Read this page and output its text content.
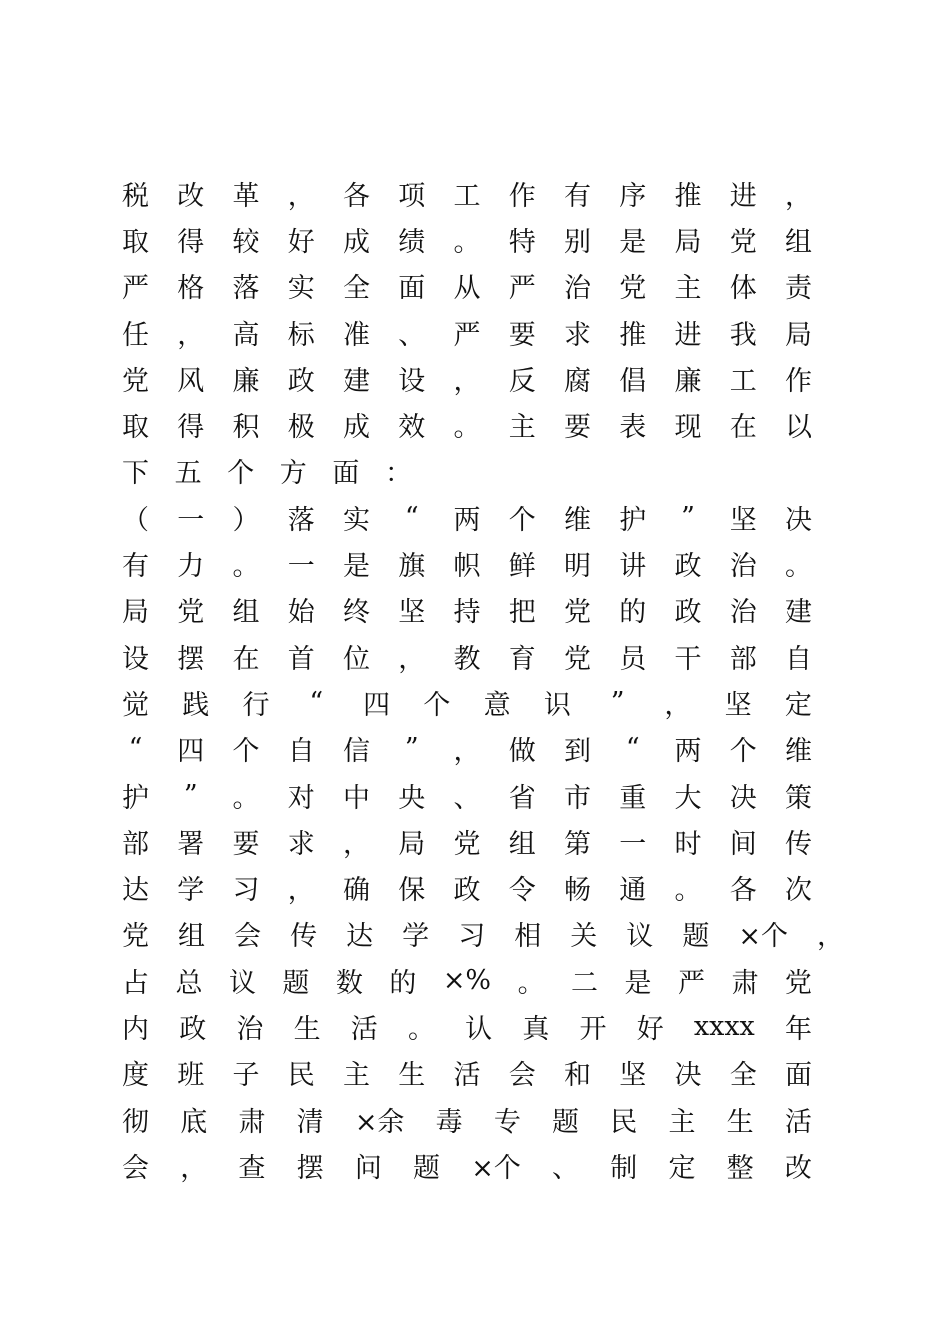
税 改 革 ， 各 项 工 作 有 序 推 进 ，
取 得 较 好 成 绩 。 特 别 是 局 党 组
严 格 落 实 全 面 从 严 治 党 主 体 责
任 ， 高 标 准 、 严 要 求 推 进 我 局
党 风 廉 政 建 设 ， 反 腐 倡 廉 工 作
取 得 积 极 成 效 。 主 要 表 现 在 以
下 五 个 方 面 ：
（ 一 ） 落 实 “ 两 个 维 护 ” 坚 决
有 力 。 一 是 旗 帜 鲜 明 讲 政 治 。
局 党 组 始 终 坚 持 把 党 的 政 治 建
设 摆 在 首 位 ， 教 育 党 员 干 部 自
觉 践 行 “ 四 个 意 识 ” ， 坚 定
“ 四 个 自 信 ” ， 做 到 “ 两 个 维
护 ” 。 对 中 央 、 省 市 重 大 决 策
部 署 要 求 ， 局 党 组 第 一 时 间 传
达 学 习 ， 确 保 政 令 畅 通 。 各 次
党 组 会 传 达 学 习 相 关 议 题 ×个 ，
占 总 议 题 数 的 ×% 。 二 是 严 肃 党
内 政 治 生 活 。 认 真 开 好 xxxx 年
度 班 子 民 主 生 活 会 和 坚 决 全 面
彻 底 肃 清 ×余 毒 专 题 民 主 生 活
会 ， 查 摆 问 题 ×个 、 制 定 整 改
